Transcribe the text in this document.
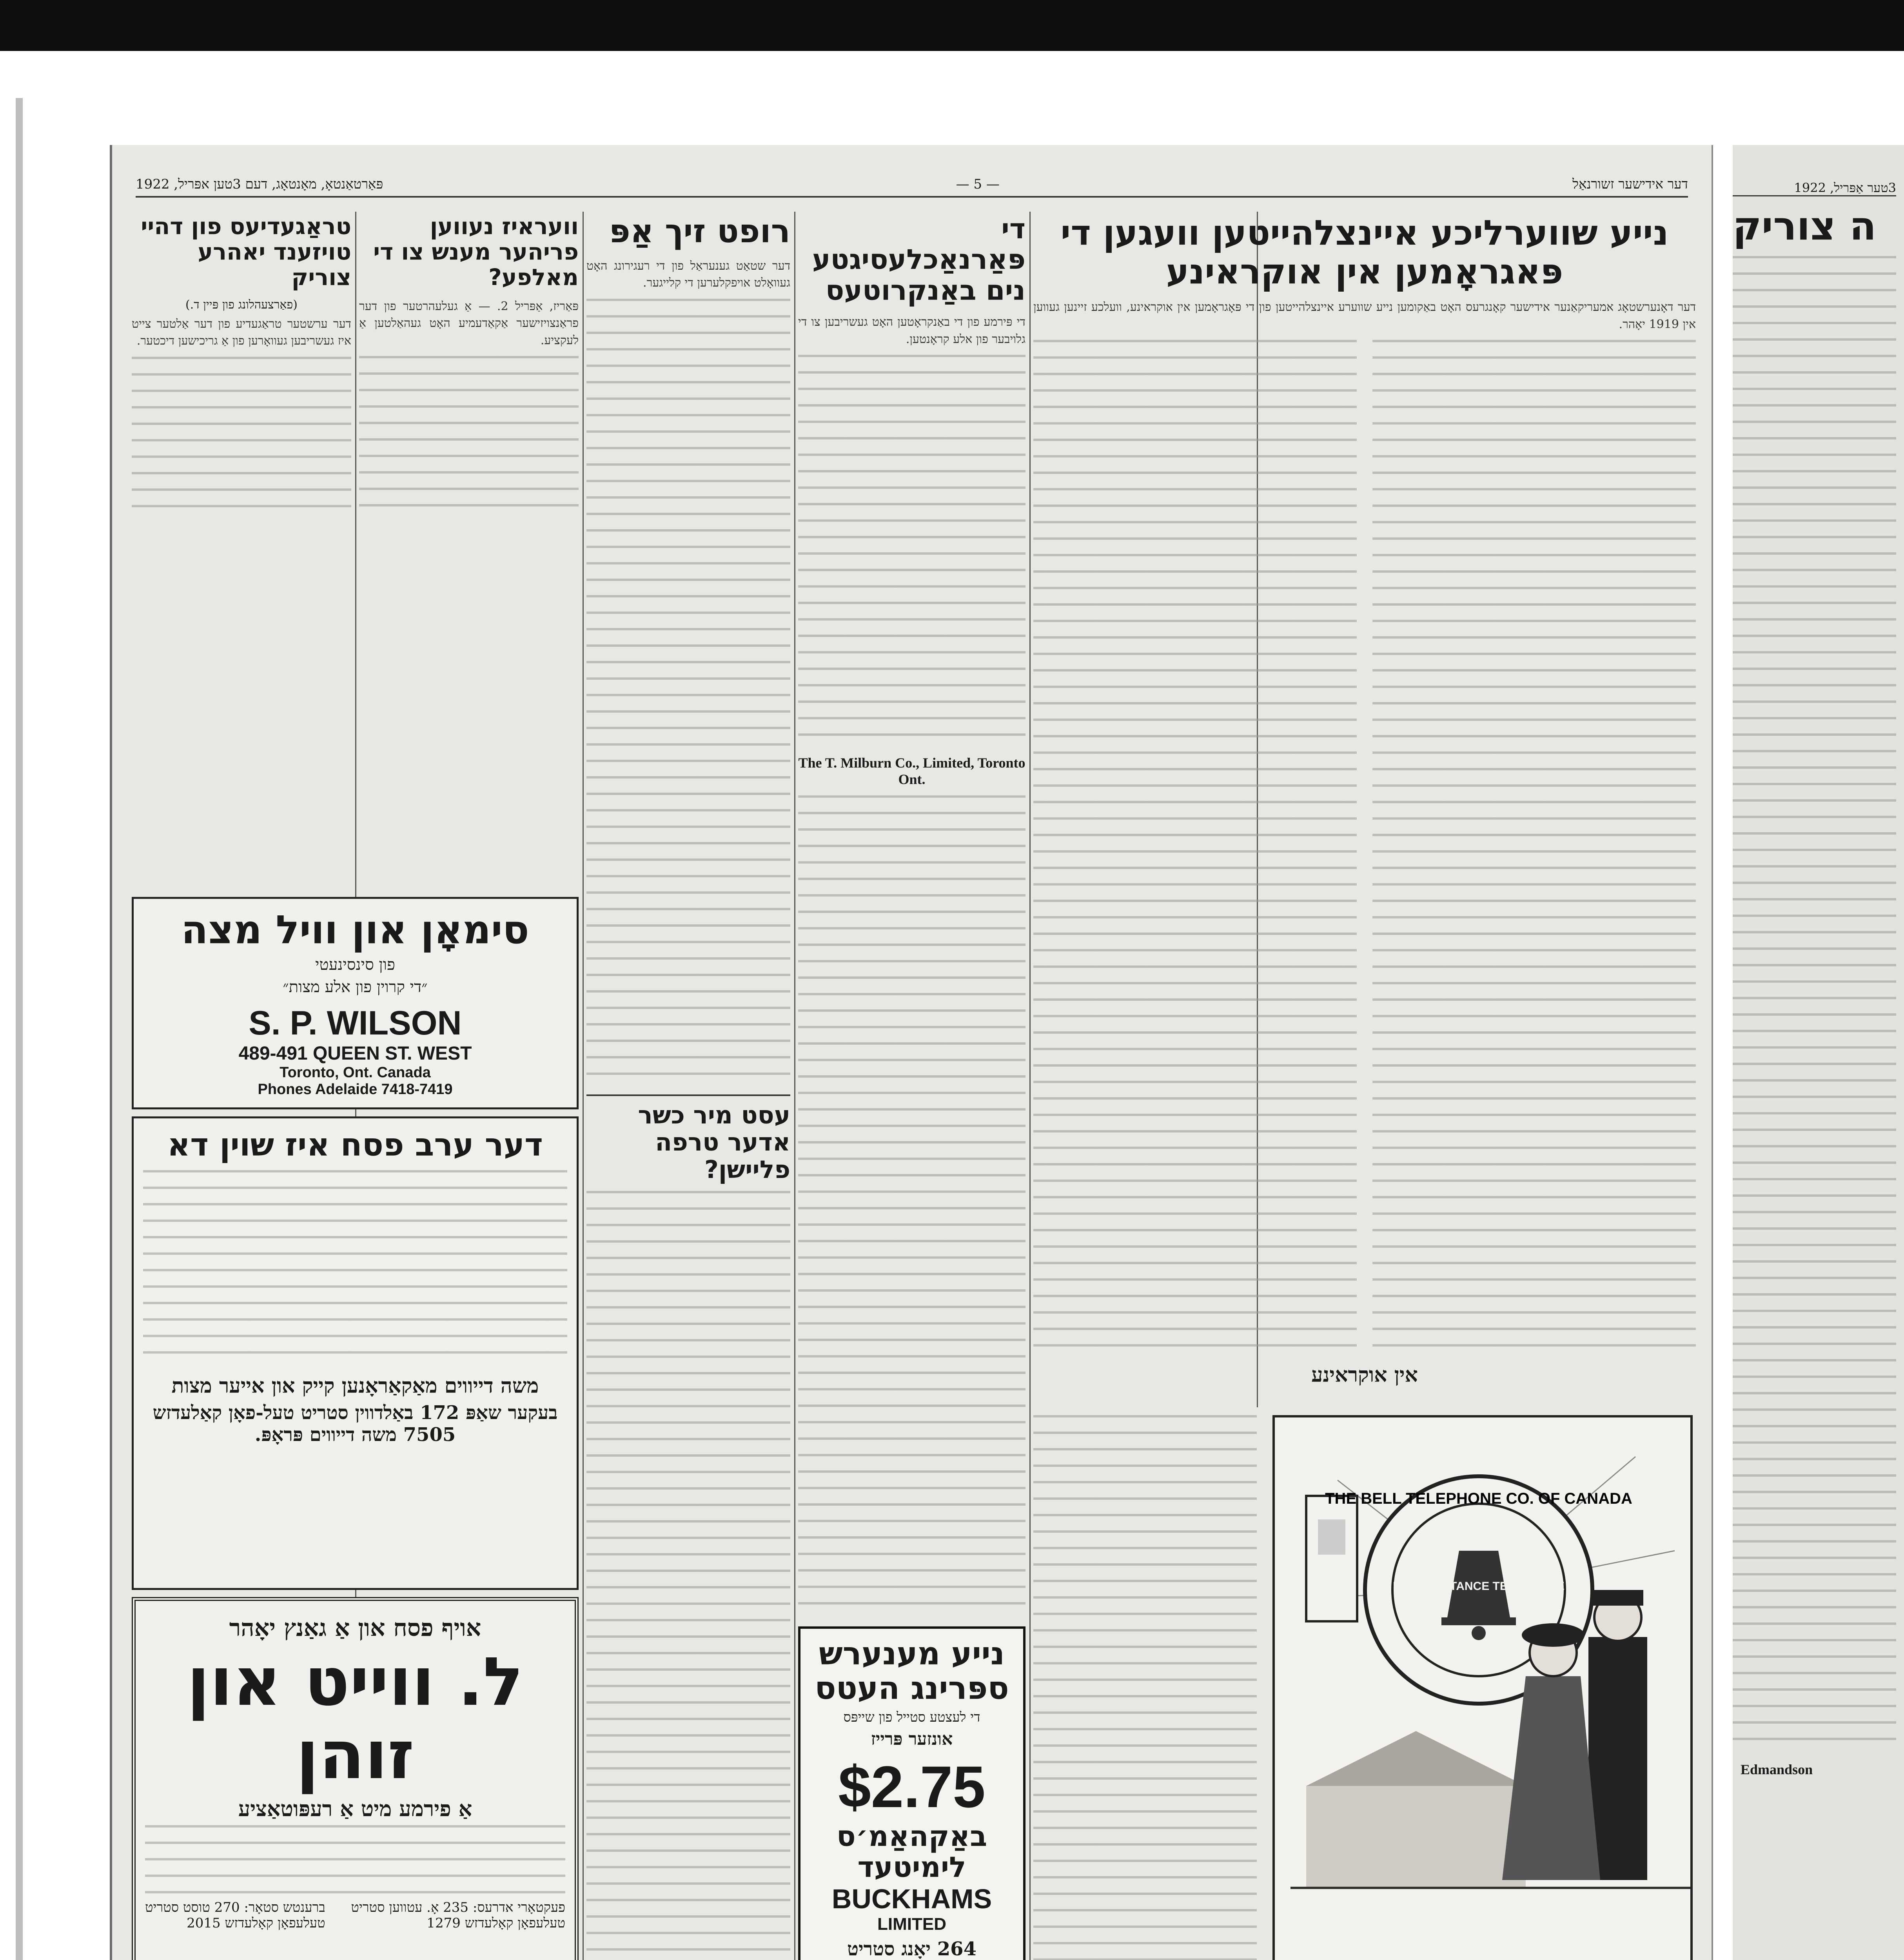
פּאַרטאַנטאָ, מאָנטאָג, דעם 3טען אפּריל, 1922	— 5 —	דער אידישער זשורנאַל
טראַגעדיעס פון דהיי טויזענד יאהרע צוריק
(פאַרצעהלונג פון פּיין ד.)

דער ערשטער טראַגעדיע פון דער אַלטער צייט איז געשריבען געוואָרען פון אַ גריכישען דיכטער.

וועראיז נעווען פריהער מענש צו די מאלפע?

פּאַריז, אַפּריל 2. — אַ געלעהרטער פון דער פראַנצויזישער אַקאַדעמיע האָט געהאַלטען אַ לעקציע.

סימאָן און וויל מצה
פון סינסינעטי
״די קרוין פון אלע מצות״
S. P. WILSON
489-491 QUEEN ST. WEST
Toronto, Ont. Canada
Phones Adelaide 7418-7419
דער ערב פסח איז שוין דא
משה דייווים מאַקאַראָנען קייק און אייער מצות
בעקער שאַפּ 172 באַלדווין סטריט טעל-פאָן קאַלעדזש 7505 משה דייווים פּראָפּ.
אויף פסח און אַ גאַנץ יאָהר
ל. ווייט און זוהן
אַ פירמע מיט אַ רעפּוטאַציע
פעקטאָרי אדרעס: 235 אָ. עטווען סטריט
טעלעפאָן קאָלעדזש 1279
ברענטש סטאָר: 270 טוסט סטריט
טעלעפאָן קאָלעדזש 2015
רופט זיך אַפּ

דער שטאַט גענעראַל פון די רעגירונג האָט געוואָלט אויפקלערען די קלייגער.

עסט מיר כשר אדער טרפה פליישן?
די פּאַרנאַכלעסיגטע נים באַנקרוטעס

די פּירמע פון די באַנקראָטען האָט געשריבען צו די גלויבער פון אלע קראָנטען.

The T. Milburn Co., Limited, Toronto Ont.
נייע מענערש ספּרינג העטס
די לעצטע סטייל פון שייפּס
אונזער פּרייז
$2.75
באַקהאַמ׳ס לימיטעד
BUCKHAMS
LIMITED
264 יאָנג סטריט
נייע שווערליכע איינצלהייטען וועגען די פּאגראָמען אין אוקראינע

דער דאָנערשטאָג אמעריקאַנער אידישער קאָנגרעס האָט באַקומען נייע שווערע איינצלהייטען פון די פּאָגראָמען אין אוקראינע, וועלכע זיינען געווען אין 1919 יאָהר.

אין אוקראינע
THE BELL TELEPHONE CO. OF CANADA
LONG DISTANCE TELEPHONE
3טער אַפּריל, 1922
ה צוריק
Edmandson
